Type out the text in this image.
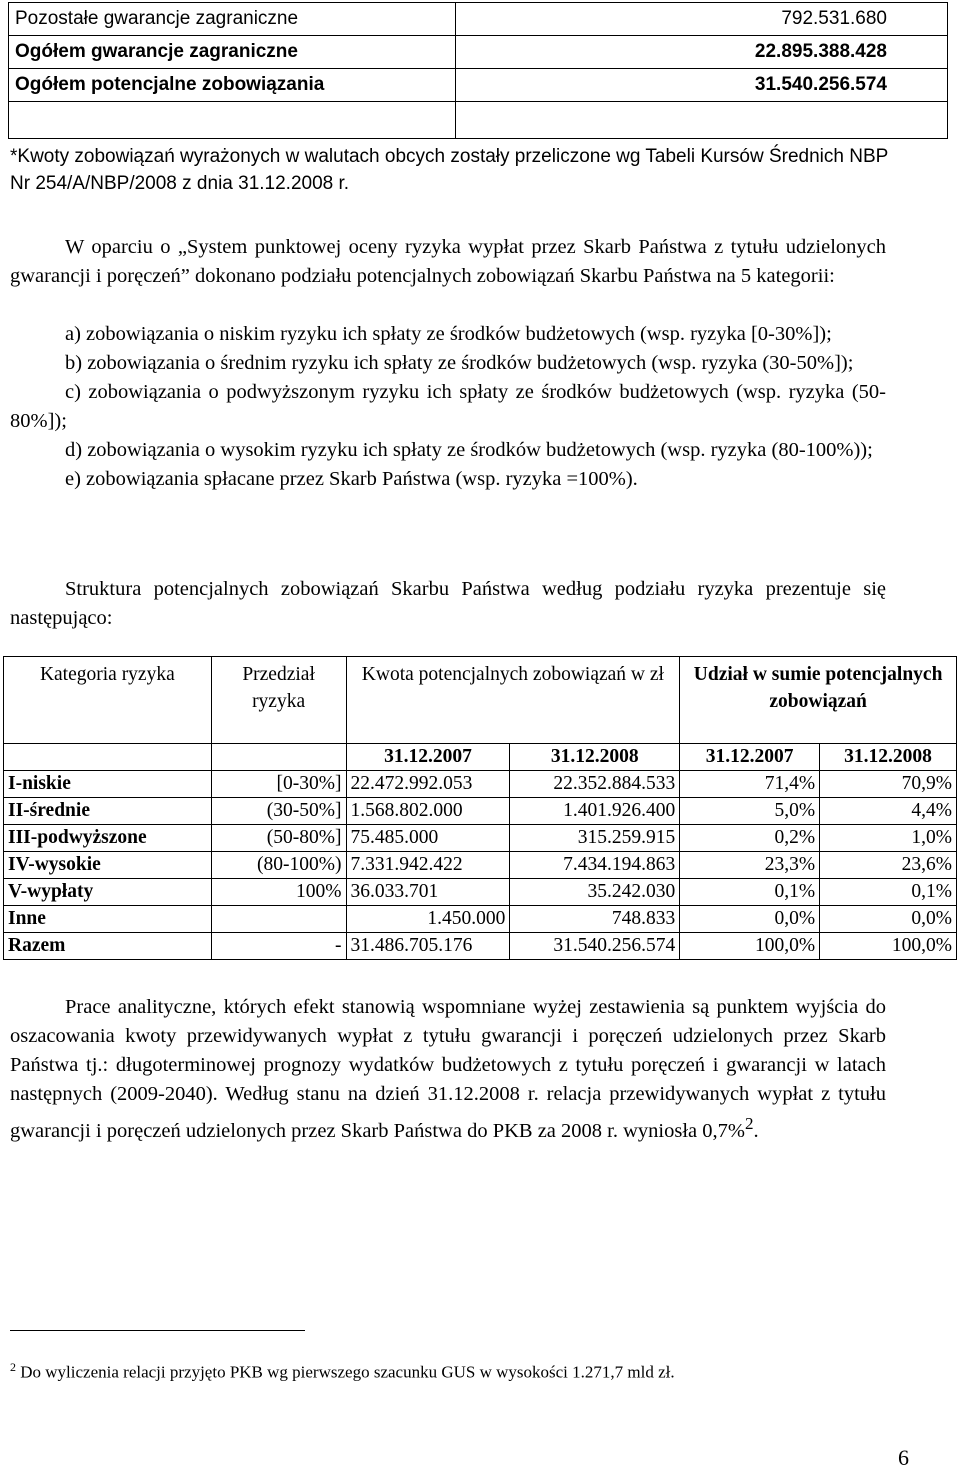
Pozostałe gwarancje zagraniczne	792.531.680
Ogółem gwarancje zagraniczne	22.895.388.428
Ogółem potencjalne zobowiązania	31.540.256.574

*Kwoty zobowiązań wyrażonych w walutach obcych zostały przeliczone wg Tabeli Kursów Średnich NBP Nr 254/A/NBP/2008 z dnia 31.12.2008 r.
W oparciu o „System punktowej oceny ryzyka wypłat przez Skarb Państwa z tytułu udzielonych gwarancji i poręczeń” dokonano podziału potencjalnych zobowiązań Skarbu Państwa na 5 kategorii:
a) zobowiązania o niskim ryzyku ich spłaty ze środków budżetowych (wsp. ryzyka [0-30%]);
b) zobowiązania o średnim ryzyku ich spłaty ze środków budżetowych (wsp. ryzyka (30-50%]);
c) zobowiązania o podwyższonym ryzyku ich spłaty ze środków budżetowych (wsp. ryzyka (50-80%]);
d) zobowiązania o wysokim ryzyku ich spłaty ze środków budżetowych (wsp. ryzyka (80-100%));
e) zobowiązania spłacane przez Skarb Państwa (wsp. ryzyka =100%).
Struktura potencjalnych zobowiązań Skarbu Państwa według podziału ryzyka prezentuje się następująco:
Kategoria ryzyka	Przedział ryzyka	Kwota potencjalnych zobowiązań w zł		Udział w sumie potencjalnych zobowiązań	
		31.12.2007	31.12.2008	31.12.2007	31.12.2008
I-niskie	[0-30%]	22.472.992.053	22.352.884.533	71,4%	70,9%
II-średnie	(30-50%]	1.568.802.000	1.401.926.400	5,0%	4,4%
III-podwyższone	(50-80%]	75.485.000	315.259.915	0,2%	1,0%
IV-wysokie	(80-100%)	7.331.942.422	7.434.194.863	23,3%	23,6%
V-wypłaty	100%	36.033.701	35.242.030	0,1%	0,1%
Inne		1.450.000	748.833	0,0%	0,0%
Razem	-	31.486.705.176	31.540.256.574	100,0%	100,0%
Prace analityczne, których efekt stanowią wspomniane wyżej zestawienia są punktem wyjścia do oszacowania kwoty przewidywanych wypłat z tytułu gwarancji i poręczeń udzielonych przez Skarb Państwa tj.: długoterminowej prognozy wydatków budżetowych z tytułu poręczeń i gwarancji w latach następnych (2009-2040). Według stanu na dzień 31.12.2008 r. relacja przewidywanych wypłat z tytułu gwarancji i poręczeń udzielonych przez Skarb Państwa do PKB za 2008 r. wyniosła 0,7%$^2$.
$^2$ Do wyliczenia relacji przyjęto PKB wg pierwszego szacunku GUS w wysokości 1.271,7 mld zł.
6
